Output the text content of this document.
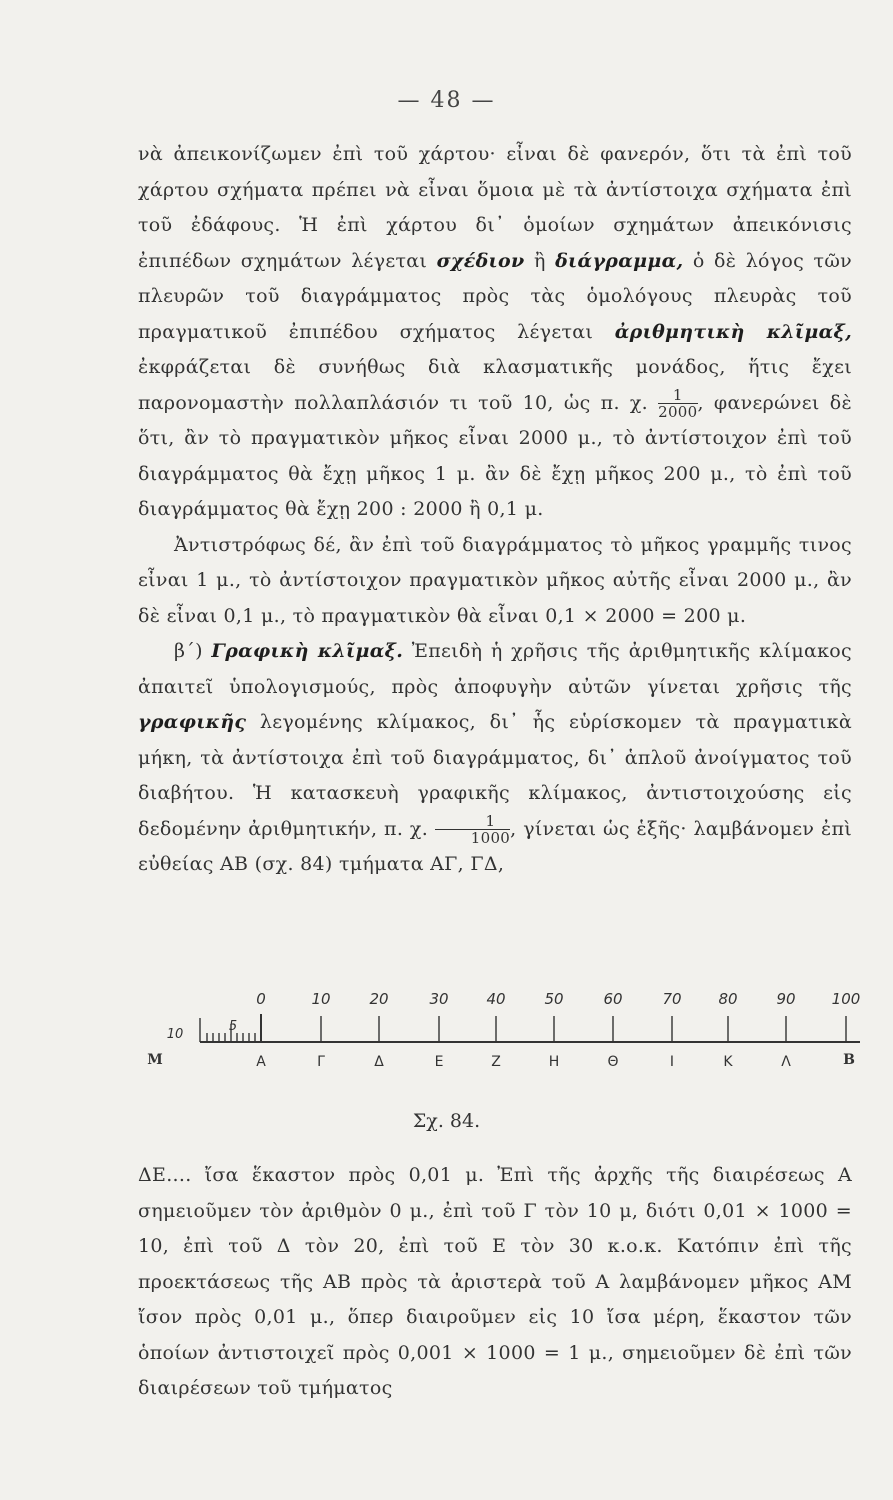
— 48 —

νὰ ἀπεικονίζωμεν ἐπὶ τοῦ χάρτου· εἶναι δὲ φανερόν, ὅτι τὰ ἐπὶ τοῦ χάρτου σχήματα πρέπει νὰ εἶναι ὅμοια μὲ τὰ ἀντίστοιχα σχήματα ἐπὶ τοῦ ἐδάφους. Ἡ ἐπὶ χάρτου δι᾽ ὁμοίων σχημάτων ἀπεικόνισις ἐπιπέδων σχημάτων λέγεται σχέδιον ἢ διάγραμμα, ὁ δὲ λόγος τῶν πλευρῶν τοῦ διαγράμματος πρὸς τὰς ὁμολόγους πλευρὰς τοῦ πραγματικοῦ ἐπιπέδου σχήματος λέγεται ἀριθμητικὴ κλῖμαξ, ἐκφράζεται δὲ συνήθως διὰ κλασματικῆς μονάδος, ἥτις ἔχει παρονομαστὴν πολλαπλάσιόν τι τοῦ 10, ὡς π. χ. $\frac{1}{2000}$ , φανερώνει δὲ ὅτι, ἂν τὸ πραγματικὸν μῆκος εἶναι 2000 μ., τὸ ἀντίστοιχον ἐπὶ τοῦ διαγράμματος θὰ ἔχῃ μῆκος 1 μ. ἂν δὲ ἔχῃ μῆκος 200 μ., τὸ ἐπὶ τοῦ διαγράμματος θὰ ἔχῃ 200 : 2000 ἢ 0,1 μ.

Ἀντιστρόφως δέ, ἂν ἐπὶ τοῦ διαγράμματος τὸ μῆκος γραμμῆς τινος εἶναι 1 μ., τὸ ἀντίστοιχον πραγματικὸν μῆκος αὐτῆς εἶναι 2000 μ., ἂν δὲ εἶναι 0,1 μ., τὸ πραγματικὸν θὰ εἶναι 0,1 × 2000 = 200 μ.

β΄) Γραφικὴ κλῖμαξ. Ἐπειδὴ ἡ χρῆσις τῆς ἀριθμητικῆς κλίμακος ἀπαιτεῖ ὑπολογισμούς, πρὸς ἀποφυγὴν αὐτῶν γίνεται χρῆσις τῆς γραφικῆς λεγομένης κλίμακος, δι᾽ ἧς εὑρίσκομεν τὰ πραγματικὰ μήκη, τὰ ἀντίστοιχα ἐπὶ τοῦ διαγράμματος, δι᾽ ἁπλοῦ ἀνοίγματος τοῦ διαβήτου. Ἡ κατασκευὴ γραφικῆς κλίμακος, ἀντιστοιχούσης εἰς δεδομένην ἀριθμητικήν, π. χ. $\frac{1}{1000}$ , γίνεται ὡς ἑξῆς· λαμβάνομεν ἐπὶ εὐθείας ΑΒ (σχ. 84) τμήματα ΑΓ, ΓΔ,

0	10	20	30	40	50	60	70 80	90 100
5
10
Μ	Α	Γ	Δ	Ε	Ζ	Η	Θ	Ι	Κ	Λ	Β
Σχ. 84.

ΔΕ.... ἴσα ἕκαστον πρὸς 0,01 μ. Ἐπὶ τῆς ἀρχῆς τῆς διαιρέσεως Α σημειοῦμεν τὸν ἀριθμὸν 0 μ., ἐπὶ τοῦ Γ τὸν 10 μ, διότι 0,01 × 1000 = 10, ἐπὶ τοῦ Δ τὸν 20, ἐπὶ τοῦ Ε τὸν 30 κ.ο.κ. Κατόπιν ἐπὶ τῆς προεκτάσεως τῆς ΑΒ πρὸς τὰ ἀριστερὰ τοῦ Α λαμβάνομεν μῆκος ΑΜ ἴσον πρὸς 0,01 μ., ὅπερ διαιροῦμεν εἰς 10 ἴσα μέρη, ἕκαστον τῶν ὁποίων ἀντιστοιχεῖ πρὸς 0,001 × 1000 = 1 μ., σημειοῦμεν δὲ ἐπὶ τῶν διαιρέσεων τοῦ τμήματος
